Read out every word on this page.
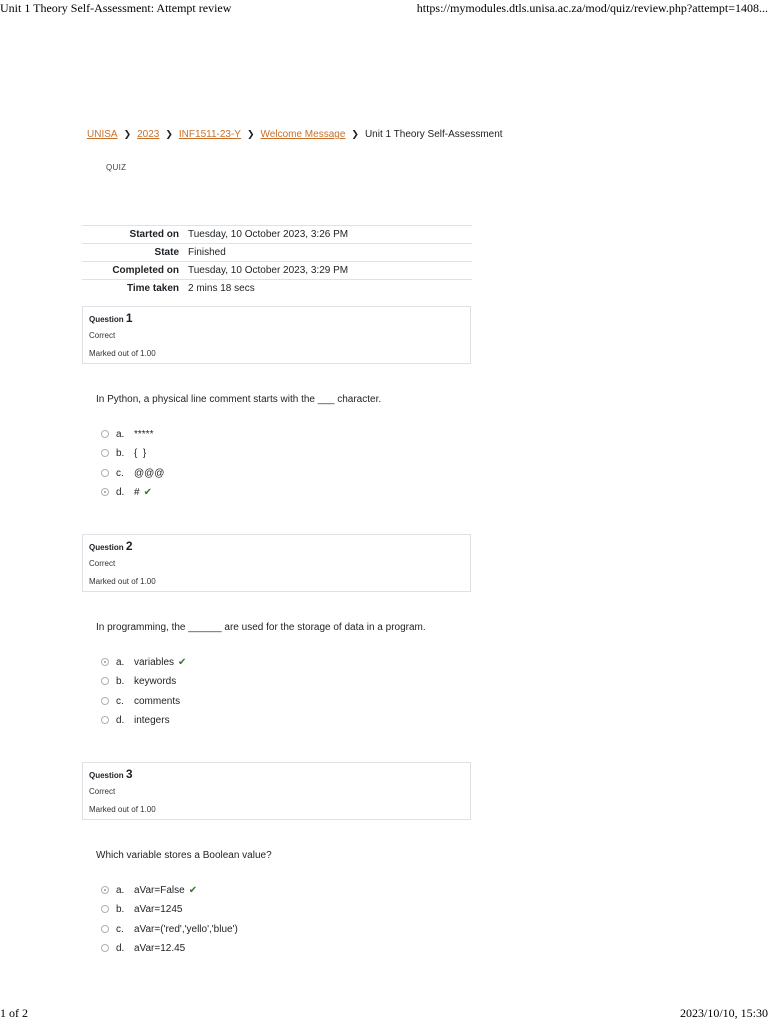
Unit 1 Theory Self-Assessment: Attempt review	https://mymodules.dtls.unisa.ac.za/mod/quiz/review.php?attempt=1408...
UNISA ❯ 2023 ❯ INF1511-23-Y ❯ Welcome Message ❯ Unit 1 Theory Self-Assessment
QUIZ
Started on	Tuesday, 10 October 2023, 3:26 PM
State	Finished
Completed on	Tuesday, 10 October 2023, 3:29 PM
Time taken	2 mins 18 secs
Question 1
Correct
Marked out of 1.00
In Python, a physical line comment starts with the ___ character.
a. *****
b. {  }
c.	@@@
d. # ✔
Question 2
Correct
Marked out of 1.00
In programming, the ______ are used for the storage of data in a program.
a. variables ✔
b. keywords
c.	comments
d. integers
Question 3
Correct
Marked out of 1.00
Which variable stores a Boolean value?
a. aVar=False ✔
b. aVar=1245
c.	aVar=('red','yello','blue')
d. aVar=12.45
1 of 2	2023/10/10, 15:30
